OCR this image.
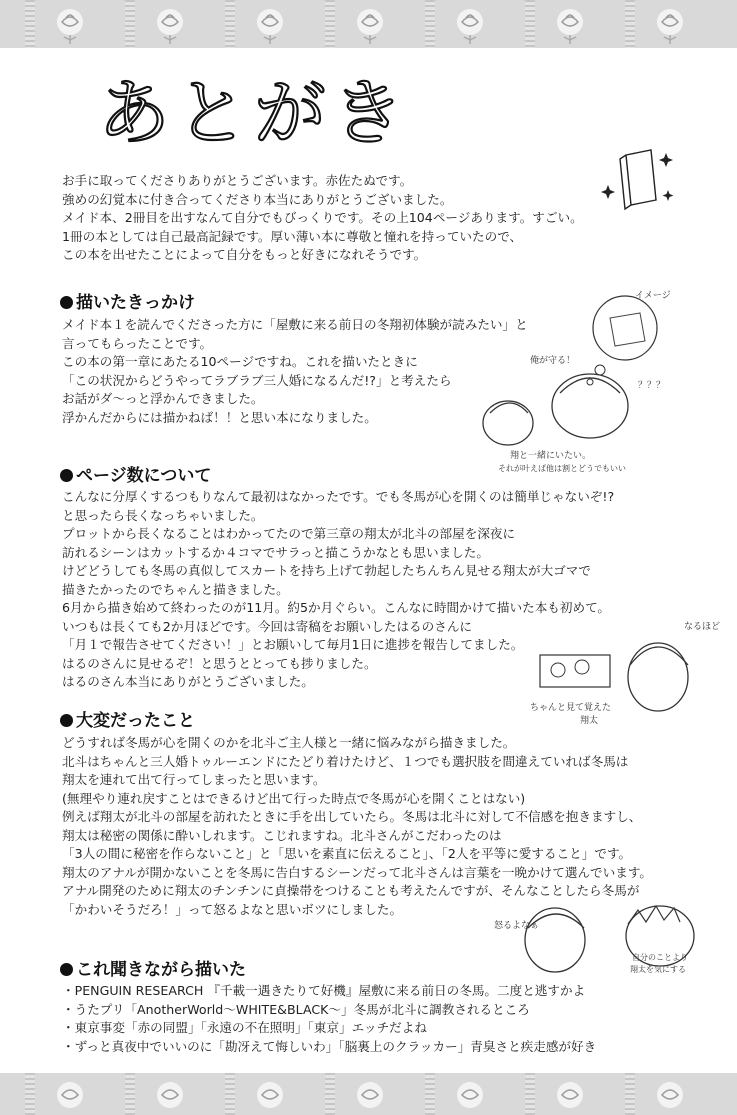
あとがき
お手に取ってくださりありがとうございます。赤佐たぬです。
強めの幻覚本に付き合ってくださり本当にありがとうございました。
メイド本、2冊目を出すなんて自分でもびっくりです。その上104ページあります。すごい。
1冊の本としては自己最高記録です。厚い薄い本に尊敬と憧れを持っていたので、
この本を出せたことによって自分をもっと好きになれそうです。
描いたきっかけ
メイド本１を読んでくださった方に「屋敷に来る前日の冬翔初体験が読みたい」と
言ってもらったことです。
この本の第一章にあたる10ページですね。これを描いたときに
「この状況からどうやってラブラブ三人婚になるんだ!?」と考えたら
お話がダ～っと浮かんできました。
浮かんだからには描かねば！！と思い本になりました。
イメージ
俺が守る！
？？？
翔と一緒にいたい。
それが叶えば他は割とどうでもいい
ページ数について
こんなに分厚くするつもりなんて最初はなかったです。でも冬馬が心を開くのは簡単じゃないぞ!?
と思ったら長くなっちゃいました。
プロットから長くなることはわかってたので第三章の翔太が北斗の部屋を深夜に
訪れるシーンはカットするか４コマでサラっと描こうかなとも思いました。
けどどうしても冬馬の真似してスカートを持ち上げて勃起したちんちん見せる翔太が大ゴマで
描きたかったのでちゃんと描きました。
6月から描き始めて終わったのが11月。約5か月ぐらい。こんなに時間かけて描いた本も初めて。
いつもは長くても2か月ほどです。今回は寄稿をお願いしたはるのさんに
「月１で報告させてください！」とお願いして毎月1日に進捗を報告してました。
はるのさんに見せるぞ！と思うととっても捗りました。
はるのさん本当にありがとうございました。
なるほど
ちゃんと見て覚えた
翔太
大変だったこと
どうすれば冬馬が心を開くのかを北斗ご主人様と一緒に悩みながら描きました。
北斗はちゃんと三人婚トゥルーエンドにたどり着けたけど、１つでも選択肢を間違えていれば冬馬は
翔太を連れて出て行ってしまったと思います。
(無理やり連れ戻すことはできるけど出て行った時点で冬馬が心を開くことはない)
例えば翔太が北斗の部屋を訪れたときに手を出していたら。冬馬は北斗に対して不信感を抱きますし、
翔太は秘密の関係に酔いしれます。こじれますね。北斗さんがこだわったのは
「3人の間に秘密を作らないこと」と「思いを素直に伝えること」、「2人を平等に愛すること」です。
翔太のアナルが開かないことを冬馬に告白するシーンだって北斗さんは言葉を一晩かけて選んでいます。
アナル開発のために翔太のチンチンに貞操帯をつけることも考えたんですが、そんなことしたら冬馬が
「かわいそうだろ！」って怒るよなと思いボツにしました。
怒るよなぁ
自分のことより
翔太を気にする
これ聞きながら描いた
・PENGUIN RESEARCH 『千載一遇きたりて好機』屋敷に来る前日の冬馬。二度と逃すかよ
・うたプリ「AnotherWorld～WHITE&BLACK～」冬馬が北斗に調教されるところ
・東京事変「赤の同盟」「永遠の不在照明」「東京」エッチだよね
・ずっと真夜中でいいのに「勘冴えて悔しいわ」「脳裏上のクラッカー」青臭さと疾走感が好き
